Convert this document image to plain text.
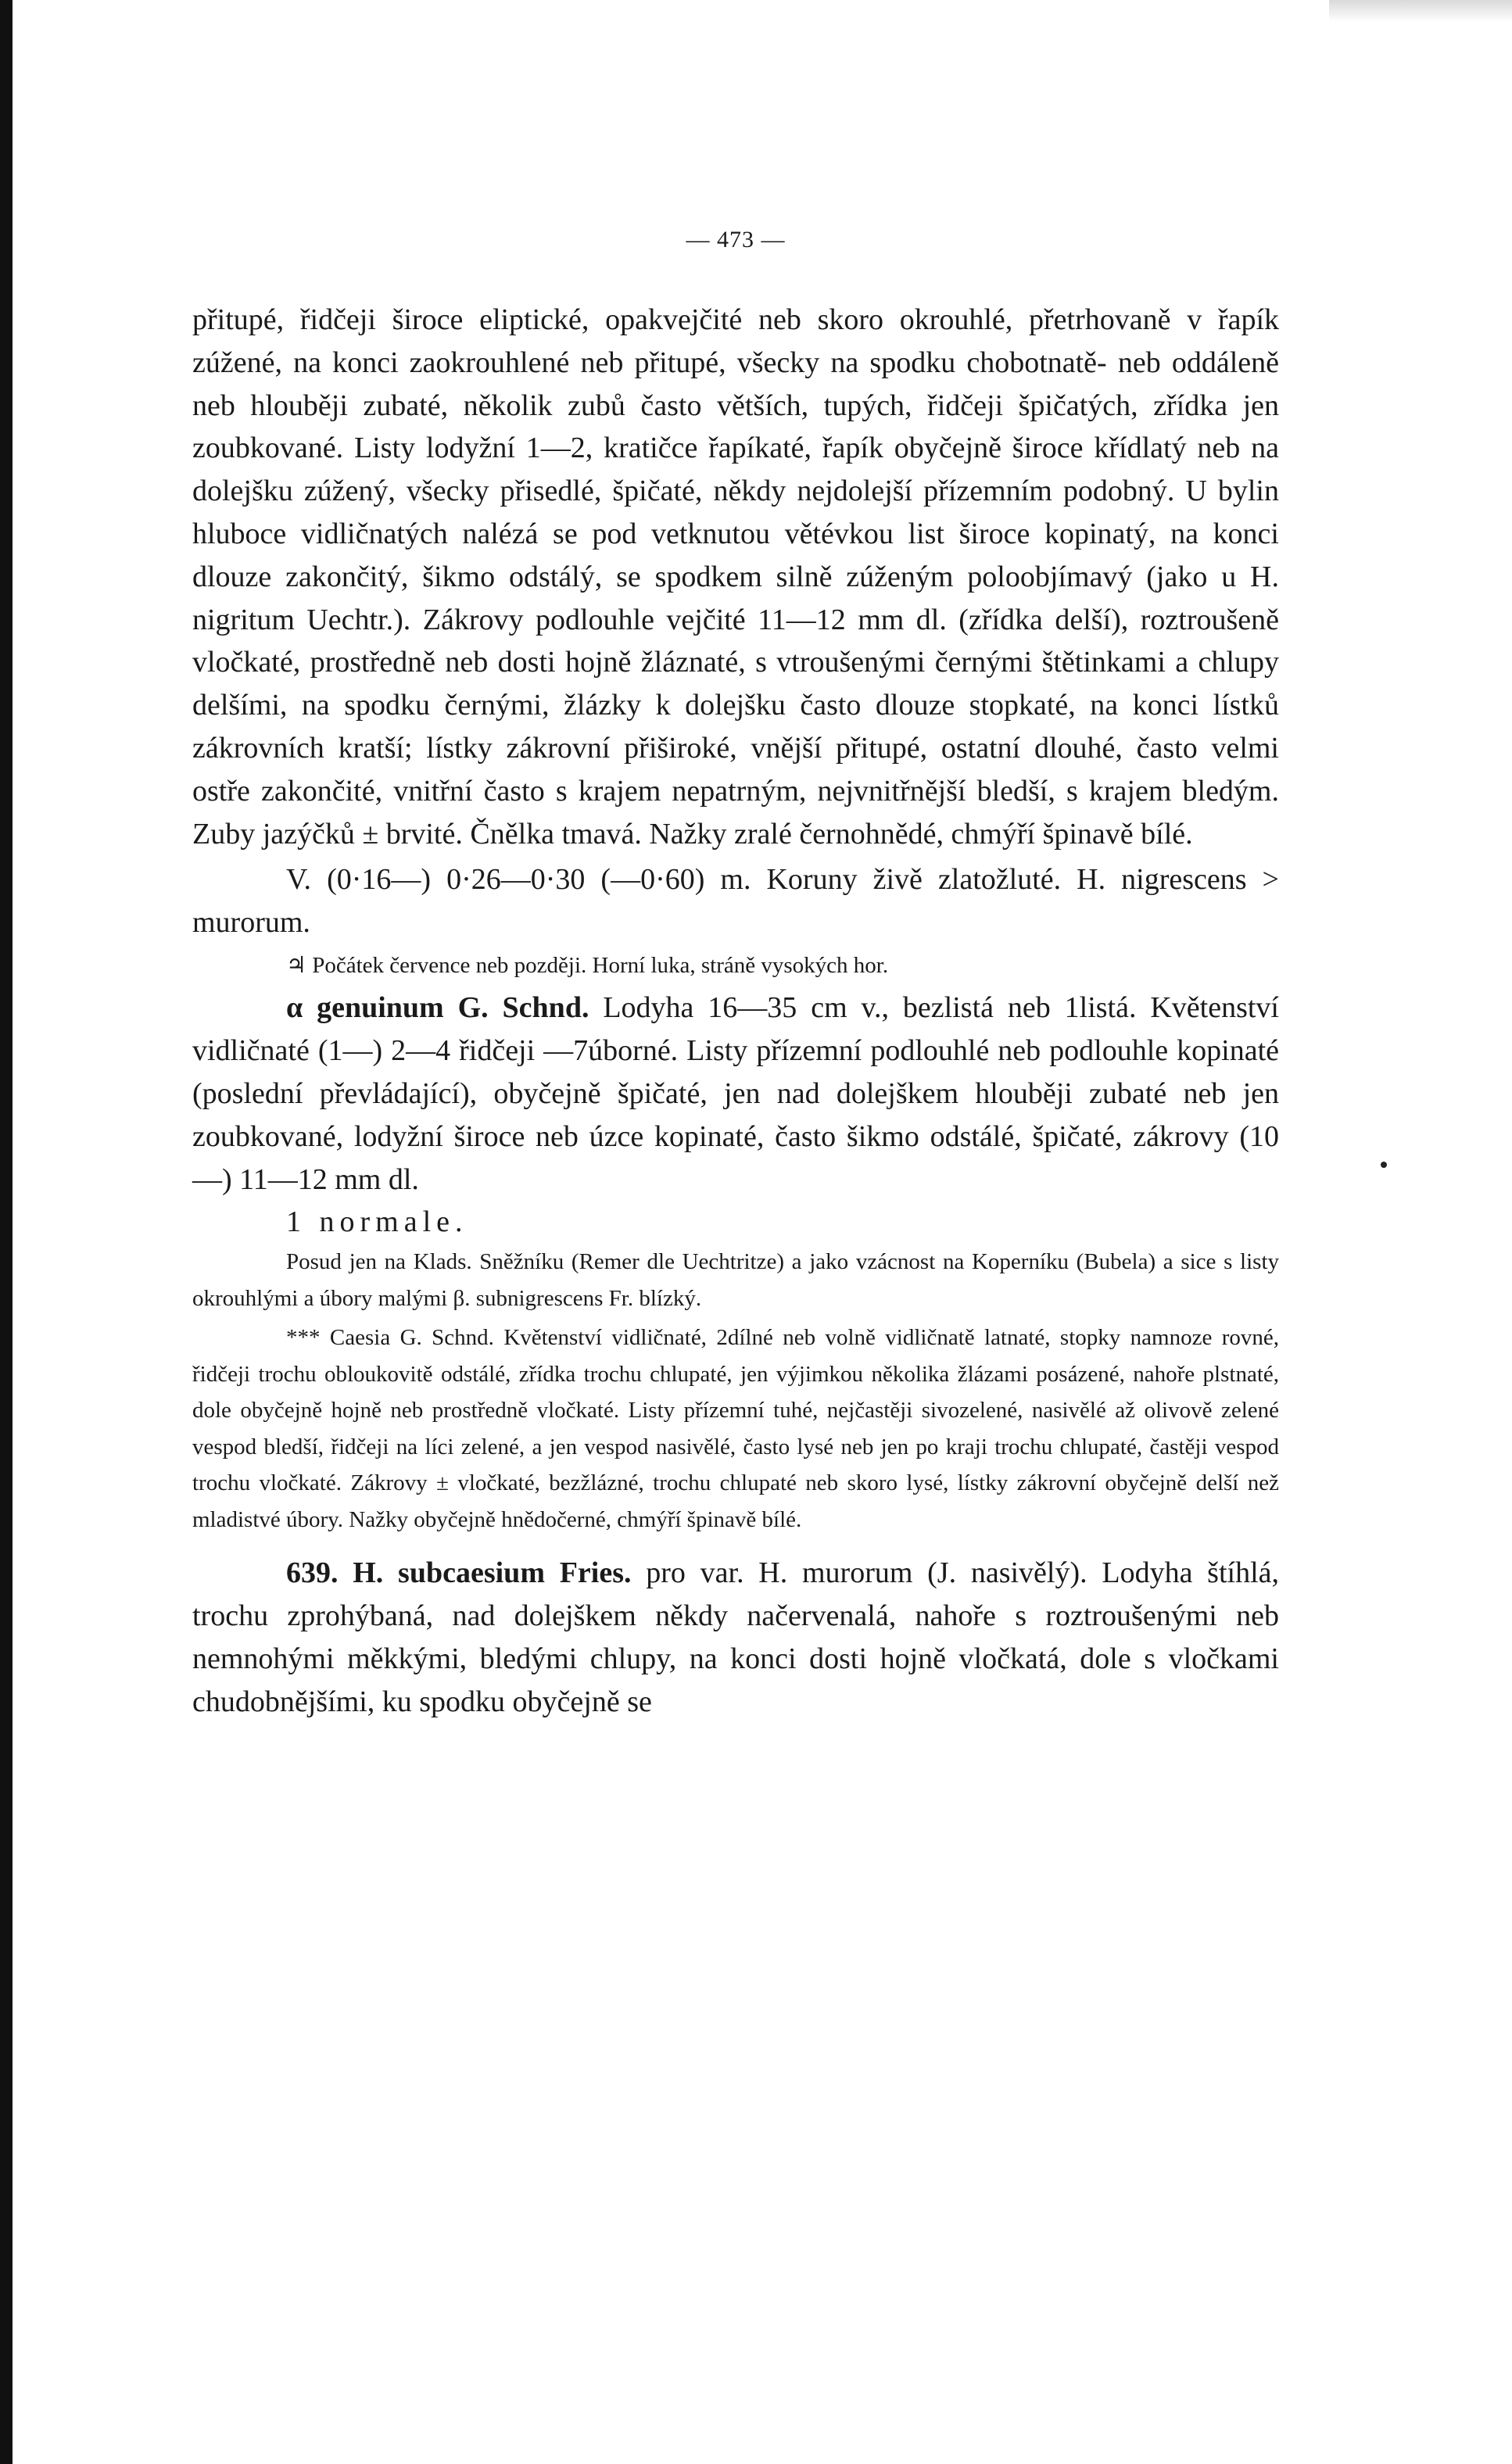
— 473 —

přitupé, řidčeji široce eliptické, opakvejčité neb skoro okrouhlé, přetrhovaně v řapík zúžené, na konci zaokrouhlené neb přitupé, všecky na spodku chobotnatě- neb oddáleně neb hlouběji zubaté, několik zubů často větších, tupých, řidčeji špičatých, zřídka jen zoubkované. Listy lodyžní 1—2, kratičce řapíkaté, řapík obyčejně široce křídlatý neb na dolejšku zúžený, všecky přisedlé, špičaté, někdy nejdolejší přízemním podobný. U bylin hluboce vidličnatých nalézá se pod vetknutou větévkou list široce kopinatý, na konci dlouze zakončitý, šikmo odstálý, se spodkem silně zúženým poloobjímavý (jako u H. nigritum Uechtr.). Zákrovy podlouhle vejčité 11—12 mm dl. (zřídka delší), roztroušeně vločkaté, prostředně neb dosti hojně žláznaté, s vtroušenými černými štětinkami a chlupy delšími, na spodku černými, žlázky k dolejšku často dlouze stopkaté, na konci lístků zákrovních kratší; lístky zákrovní přiširoké, vnější přitupé, ostatní dlouhé, často velmi ostře zakončité, vnitřní často s krajem nepatrným, nejvnitřnější bledší, s krajem bledým. Zuby jazýčků ± brvité. Čnělka tmavá. Nažky zralé černohnědé, chmýří špinavě bílé.

V. (0·16—) 0·26—0·30 (—0·60) m. Koruny živě zlatožluté. H. nigrescens > murorum.

♃ Počátek července neb později. Horní luka, stráně vysokých hor.

α genuinum G. Schnd. Lodyha 16—35 cm v., bezlistá neb 1listá. Květenství vidličnaté (1—) 2—4 řidčeji —7úborné. Listy přízemní podlouhlé neb podlouhle kopinaté (poslední převládající), obyčejně špičaté, jen nad dolejškem hlouběji zubaté neb jen zoubkované, lodyžní široce neb úzce kopinaté, často šikmo odstálé, špičaté, zákrovy (10—) 11—12 mm dl.

1 normale.

Posud jen na Klads. Sněžníku (Remer dle Uechtritze) a jako vzácnost na Koperníku (Bubela) a sice s listy okrouhlými a úbory malými β. subnigrescens Fr. blízký.

*** Caesia G. Schnd. Květenství vidličnaté, 2dílné neb volně vidličnatě latnaté, stopky namnoze rovné, řidčeji trochu obloukovitě odstálé, zřídka trochu chlupaté, jen výjimkou několika žlázami posázené, nahoře plstnaté, dole obyčejně hojně neb prostředně vločkaté. Listy přízemní tuhé, nejčastěji sivozelené, nasivělé až olivově zelené vespod bledší, řidčeji na líci zelené, a jen vespod nasivělé, často lysé neb jen po kraji trochu chlupaté, častěji vespod trochu vločkaté. Zákrovy ± vločkaté, bezžlázné, trochu chlupaté neb skoro lysé, lístky zákrovní obyčejně delší než mladistvé úbory. Nažky obyčejně hnědočerné, chmýří špinavě bílé.

639. H. subcaesium Fries. pro var. H. murorum (J. nasivělý). Lodyha štíhlá, trochu zprohýbaná, nad dolejškem někdy načervenalá, nahoře s roztroušenými neb nemnohými měkkými, bledými chlupy, na konci dosti hojně vločkatá, dole s vločkami chudobnějšími, ku spodku obyčejně se
